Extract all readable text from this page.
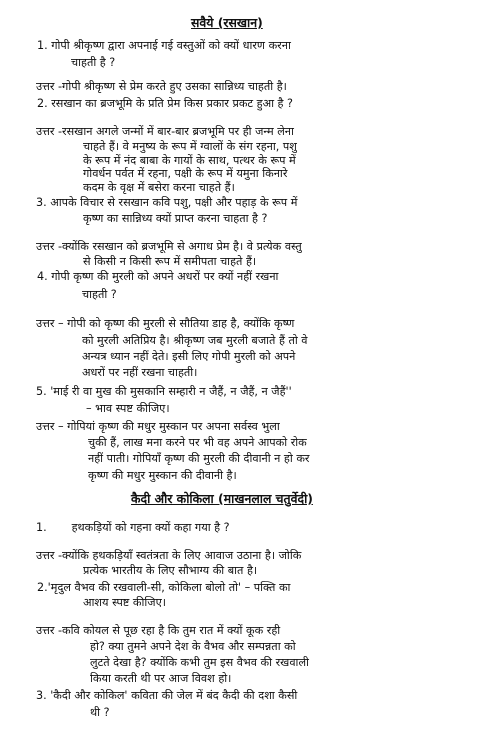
सवैये (रसखान)
1. गोपी श्रीकृष्ण द्वारा अपनाई गई वस्तुओं को क्यों धारण करना
चाहती है ?
उत्तर -गोपी श्रीकृष्ण से प्रेम करते हुए उसका सान्निध्य चाहती है।
2. रसखान का ब्रजभूमि के प्रति प्रेम किस प्रकार प्रकट हुआ है ?
उत्तर -रसखान अगले जन्मों में बार-बार ब्रजभूमि पर ही जन्म लेना
चाहते हैं। वे मनुष्य के रूप में ग्वालों के संग रहना, पशु
के रूप में नंद बाबा के गायों के साथ, पत्थर के रूप में
गोवर्धन पर्वत में रहना, पक्षी के रूप में यमुना किनारे
कदम के वृक्ष में बसेरा करना चाहते हैं।
3. आपके विचार से रसखान कवि पशु, पक्षी और पहाड़ के रूप में
कृष्ण का सान्निध्य क्यों प्राप्त करना चाहता है ?
उत्तर -क्योंकि रसखान को ब्रजभूमि से अगाध प्रेम है। वे प्रत्येक वस्तु
से किसी न किसी रूप में समीपता चाहते हैं।
4. गोपी कृष्ण की मुरली को अपने अधरों पर क्यों नहीं रखना
चाहती ?
उत्तर – गोपी को कृष्ण की मुरली से सौतिया डाह है, क्योंकि कृष्ण
को मुरली अतिप्रिय है। श्रीकृष्ण जब मुरली बजाते हैं तो वे
अन्यत्र ध्यान नहीं देते। इसी लिए गोपी मुरली को अपने
अधरों पर नहीं रखना चाहती।
5. 'माई री वा मुख की मुसकानि सम्हारी न जैहैं, न जैहैं, न जैहैं''
– भाव स्पष्ट कीजिए।
उत्तर – गोपियां कृष्ण की मधुर मुस्कान पर अपना सर्वस्व भुला
चुकी हैं, लाख मना करने पर भी वह अपने आपको रोक
नहीं पाती। गोपियाँ कृष्ण की मुरली की दीवानी न हो कर
कृष्ण की मधुर मुस्कान की दीवानी है।
कैदी और कोकिला (माखनलाल चतुर्वेदी)
1.       हथकड़ियों को गहना क्यों कहा गया है ?
उत्तर -क्योंकि हथकड़ियाँ स्वतंत्रता के लिए आवाज उठाना है। जोकि
प्रत्येक भारतीय के लिए सौभाग्य की बात है।
2.'मृदुल वैभव की रखवाली-सी, कोकिला बोलो तो' – पक्ति का
आशय स्पष्ट कीजिए।
उत्तर -कवि कोयल से पूछ रहा है कि तुम रात में क्यों कूक रही
हो? क्या तुमने अपने देश के वैभव और सम्पन्नता को
लुटते देखा है? क्योंकि कभी तुम इस वैभव की रखवाली
किया करती थी पर आज विवश हो।
3. 'कैदी और कोकिल' कविता की जेल में बंद कैदी की दशा कैसी
थी ?
